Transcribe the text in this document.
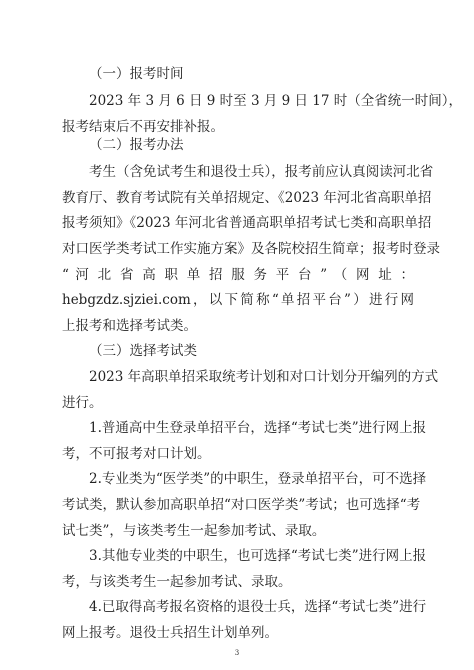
（一）报考时间
2023 年 3 月 6 日 9 时至 3 月 9 日 17 时（全省统一时间），
报考结束后不再安排补报。
（二）报考办法
考生（含免试考生和退役士兵），报考前应认真阅读河北省
教育厅、教育考试院有关单招规定、《2023 年河北省高职单招
报考须知》《2023 年河北省普通高职单招考试七类和高职单招
对口医学类考试工作实施方案》及各院校招生简章；报考时登录
“ 河 北 省 高 职 单 招 服 务 平 台 ” （ 网 址 ：
hebgzdz.sjziei.com，以下简称“单招平台”）进行网
上报考和选择考试类。
（三）选择考试类
2023 年高职单招采取统考计划和对口计划分开编列的方式
进行。
1.普通高中生登录单招平台，选择“考试七类”进行网上报
考，不可报考对口计划。
2.专业类为“医学类”的中职生，登录单招平台，可不选择
考试类，默认参加高职单招“对口医学类”考试；也可选择“考
试七类”，与该类考生一起参加考试、录取。
3.其他专业类的中职生，也可选择“考试七类”进行网上报
考，与该类考生一起参加考试、录取。
4.已取得高考报名资格的退役士兵，选择“考试七类”进行
网上报考。退役士兵招生计划单列。
3
